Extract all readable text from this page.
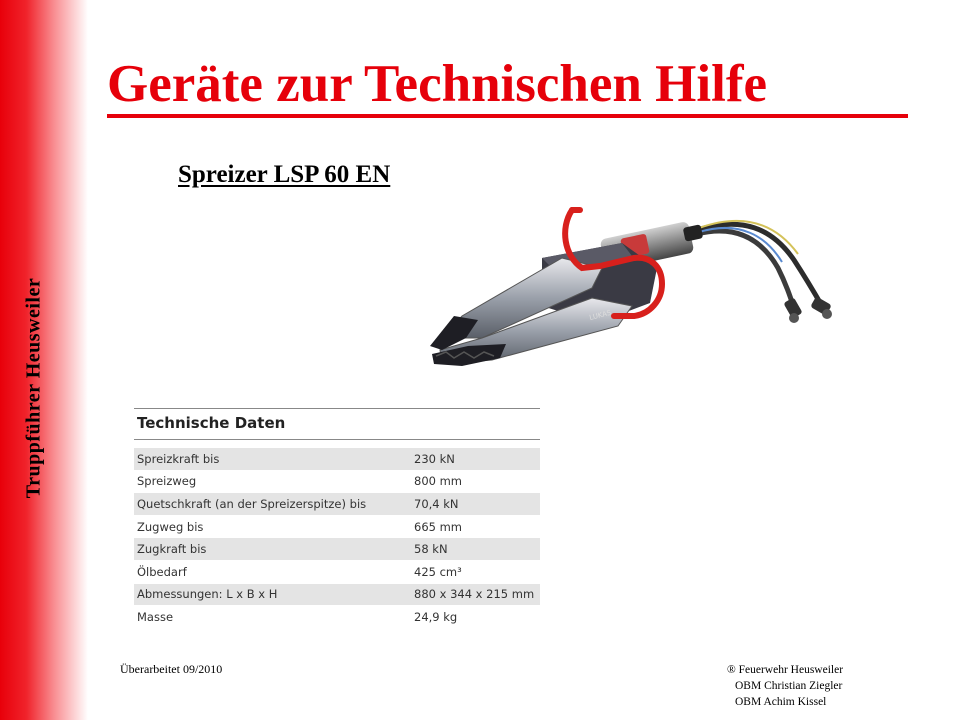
Truppführer Heusweiler
Geräte zur Technischen Hilfe
Spreizer LSP 60 EN
LUKAS
Technische Daten
Spreizkraft bis	230 kN
Spreizweg	800 mm
Quetschkraft (an der Spreizerspitze) bis	70,4 kN
Zugweg bis	665 mm
Zugkraft bis	58 kN
Ölbedarf	425 cm³
Abmessungen: L x B x H	880 x 344 x 215 mm
Masse	24,9 kg
Überarbeitet 09/2010	® Feuerwehr Heusweiler
OBM Christian Ziegler
OBM Achim Kissel
